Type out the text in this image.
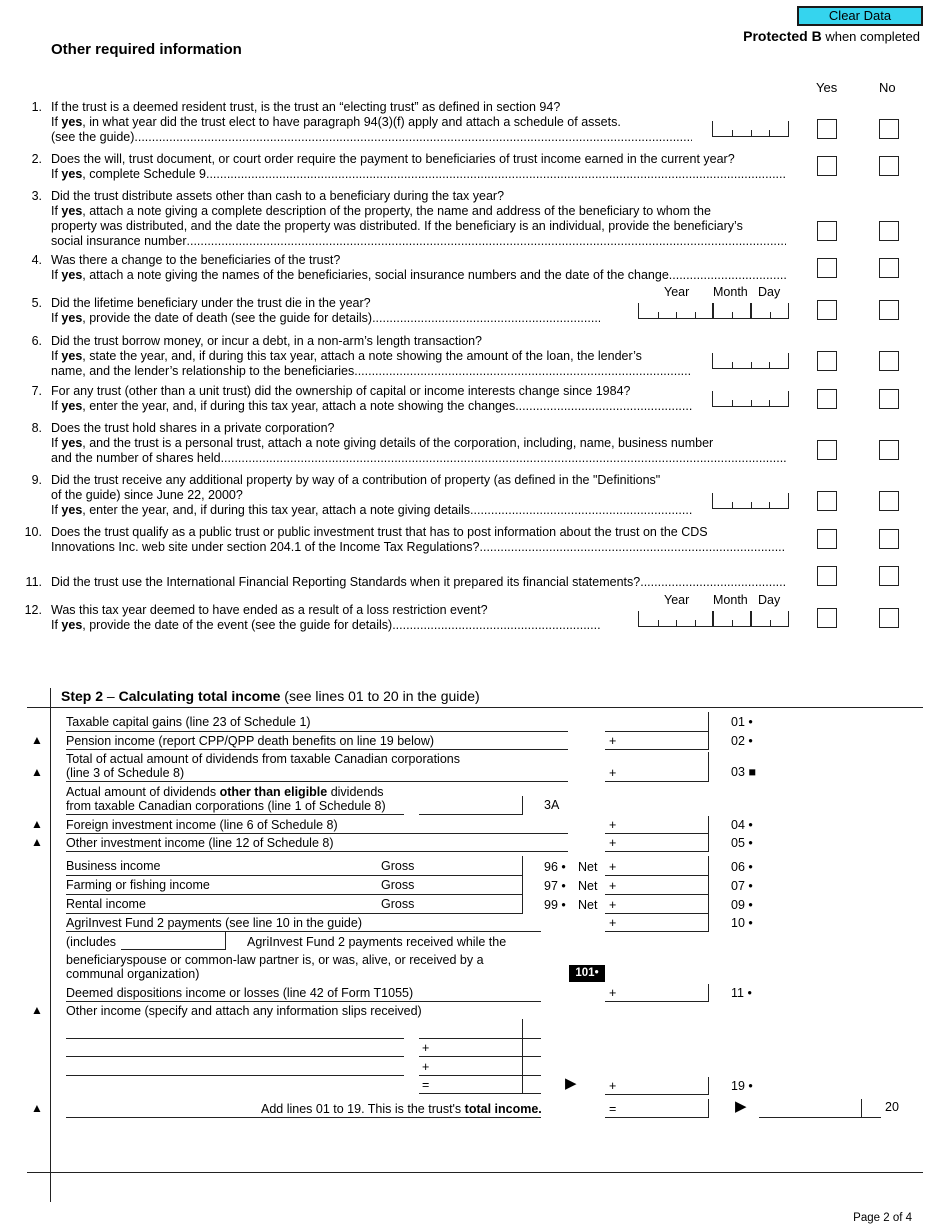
Clear Data
Protected B when completed
Other required information
Yes	No
1. If the trust is a deemed resident trust, is the trust an “electing trust” as defined in section 94?
If yes, in what year did the trust elect to have paragraph 94(3)(f) apply and attach a schedule of assets.
(see the guide).....
2. Does the will, trust document, or court order require the payment to beneficiaries of trust income earned in the current year?
If yes, complete Schedule 9.....
3. Did the trust distribute assets other than cash to a beneficiary during the tax year?
If yes, attach a note giving a complete description of the property, the name and address of the beneficiary to whom the
property was distributed, and the date the property was distributed. If the beneficiary is an individual, provide the beneficiary’s
social insurance number.....
4. Was there a change to the beneficiaries of the trust?
If yes, attach a note giving the names of the beneficiaries, social insurance numbers and the date of the change.....
5. Did the lifetime beneficiary under the trust die in the year?
If yes, provide the date of death (see the guide for details).....
Year Month Day
6. Did the trust borrow money, or incur a debt, in a non-arm’s length transaction?
If yes, state the year, and, if during this tax year, attach a note showing the amount of the loan, the lender’s
name, and the lender’s relationship to the beneficiaries.....
7. For any trust (other than a unit trust) did the ownership of capital or income interests change since 1984?
If yes, enter the year, and, if during this tax year, attach a note showing the changes.....
8. Does the trust hold shares in a private corporation?
If yes, and the trust is a personal trust, attach a note giving details of the corporation, including, name, business number
and the number of shares held.....
9. Did the trust receive any additional property by way of a contribution of property (as defined in the "Definitions"
of the guide) since June 22, 2000?
If yes, enter the year, and, if during this tax year, attach a note giving details.....
10. Does the trust qualify as a public trust or public investment trust that has to post information about the trust on the CDS
Innovations Inc. web site under section 204.1 of the Income Tax Regulations?.....
11. Did the trust use the International Financial Reporting Standards when it prepared its financial statements?.....
12. Was this tax year deemed to have ended as a result of a loss restriction event?
If yes, provide the date of the event (see the guide for details).....
Year Month Day
Step 2 – Calculating total income (see lines 01 to 20 in the guide)
Taxable capital gains (line 23 of Schedule 1)	01 •
▲ Pension income (report CPP/QPP death benefits on line 19 below)	+	02 •
▲
Total of actual amount of dividends from taxable Canadian corporations
(line 3 of Schedule 8)	+	03 ■
Actual amount of dividends other than eligible dividends
from taxable Canadian corporations (line 1 of Schedule 8)	3A
▲ Foreign investment income (line 6 of Schedule 8)	+	04 •
▲ Other investment income (line 12 of Schedule 8)	+	05 •
Business income	Gross	96 • Net +	06 •
Farming or fishing income	Gross	97 • Net +	07 •
Rental income	Gross	99 • Net +	09 •
AgriInvest Fund 2 payments (see line 10 in the guide)	+	10 •
(includes	AgriInvest Fund 2 payments received while the
beneficiaryspouse or common-law partner is, or was, alive, or received by a
communal organization)	101•
Deemed dispositions income or losses (line 42 of Form T1055)	+	11 •
▲ Other income (specify and attach any information slips received)
+
+
=	▶	+	19 •
▲	Add lines 01 to 19. This is the trust's total income.	=	▶	20
Page 2 of 4
